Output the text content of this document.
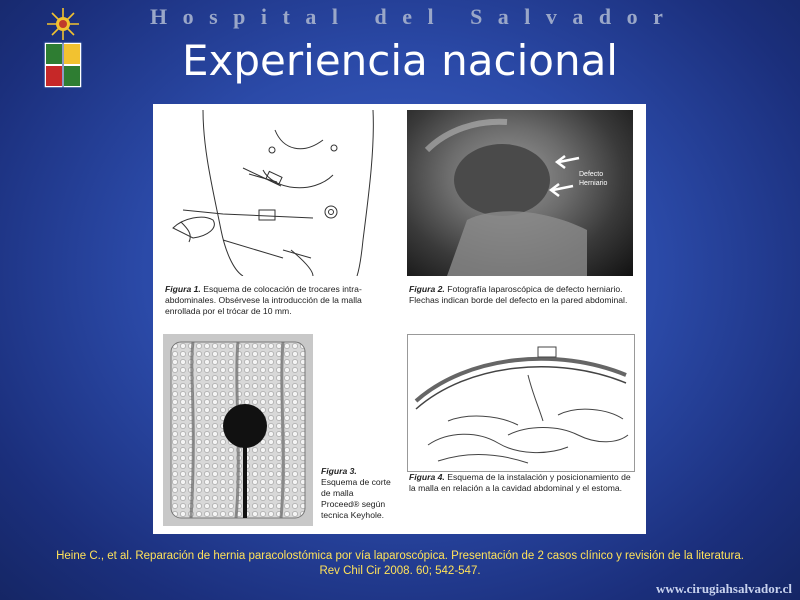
Hospital del Salvador
Experiencia nacional
Figura 1. Esquema de colocación de trocares intra-abdominales. Obsérvese la introducción de la malla enrollada por el trócar de 10 mm.
Defecto
Herniario
Figura 2. Fotografía laparoscópica de defecto herniario. Flechas indican borde del defecto en la pared abdominal.
Figura 3. Esquema de corte de malla Proceed® según tecnica Keyhole.
Figura 4. Esquema de la instalación y posicionamiento de la malla en relación a la cavidad abdominal y el estoma.
Heine C., et al. Reparación de hernia paracolostómica por vía laparoscópica. Presentación de 2 casos clínico y revisión de la literatura.
Rev Chil Cir 2008. 60; 542-547.
www.cirugiahsalvador.cl
